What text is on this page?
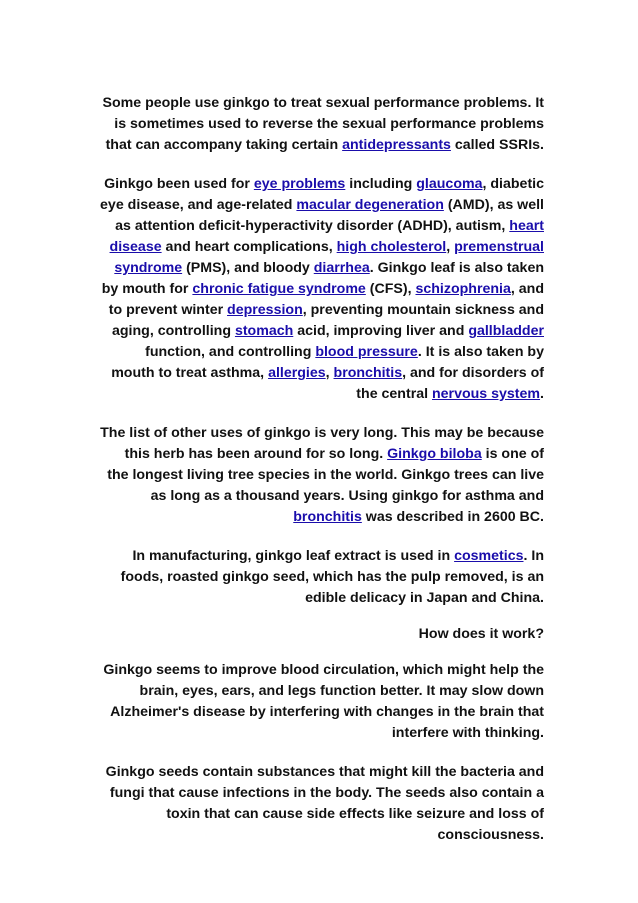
Some people use ginkgo to treat sexual performance problems. It is sometimes used to reverse the sexual performance problems that can accompany taking certain antidepressants called SSRIs.

Ginkgo been used for eye problems including glaucoma, diabetic eye disease, and age-related macular degeneration (AMD), as well as attention deficit-hyperactivity disorder (ADHD), autism, heart disease and heart complications, high cholesterol, premenstrual syndrome (PMS), and bloody diarrhea. Ginkgo leaf is also taken by mouth for chronic fatigue syndrome (CFS), schizophrenia, and to prevent winter depression, preventing mountain sickness and aging, controlling stomach acid, improving liver and gallbladder function, and controlling blood pressure. It is also taken by mouth to treat asthma, allergies, bronchitis, and for disorders of the central nervous system.

The list of other uses of ginkgo is very long. This may be because this herb has been around for so long. Ginkgo biloba is one of the longest living tree species in the world. Ginkgo trees can live as long as a thousand years. Using ginkgo for asthma and bronchitis was described in 2600 BC.

In manufacturing, ginkgo leaf extract is used in cosmetics. In foods, roasted ginkgo seed, which has the pulp removed, is an edible delicacy in Japan and China.

How does it work?

Ginkgo seems to improve blood circulation, which might help the brain, eyes, ears, and legs function better. It may slow down Alzheimer's disease by interfering with changes in the brain that interfere with thinking.

Ginkgo seeds contain substances that might kill the bacteria and fungi that cause infections in the body. The seeds also contain a toxin that can cause side effects like seizure and loss of consciousness.
